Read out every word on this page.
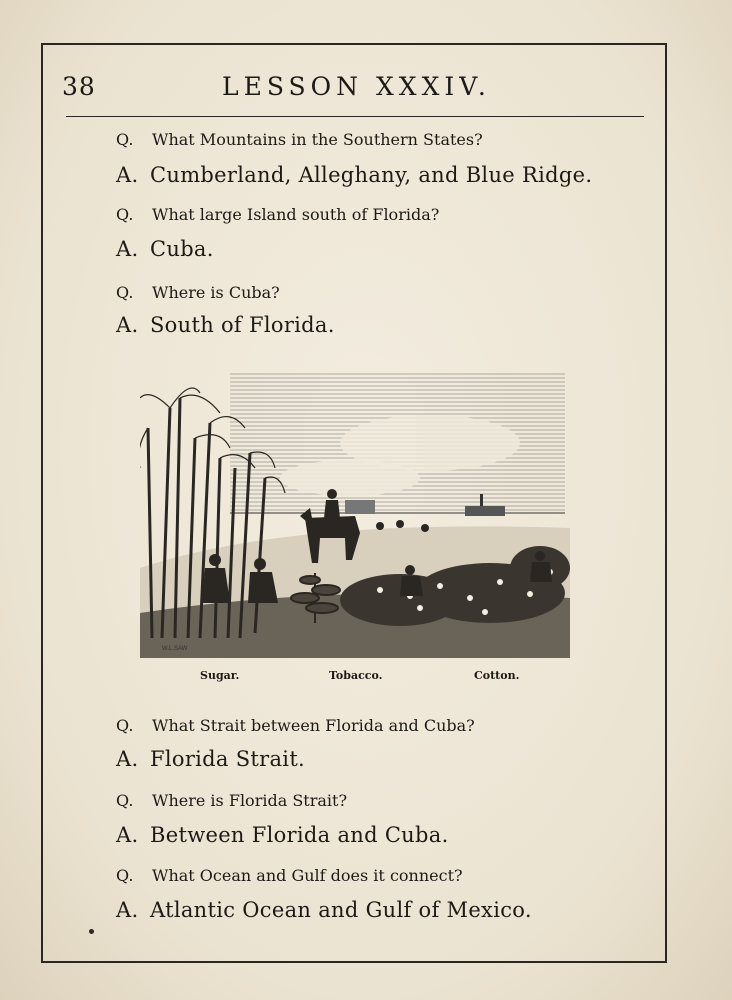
38	LESSON XXXIV.
Q. What Mountains in the Southern States?
A. Cumberland, Alleghany, and Blue Ridge.
Q. What large Island south of Florida?
A. Cuba.
Q. Where is Cuba?
A. South of Florida.
W.L.SAW
Sugar.	Tobacco.	Cotton.
Q. What Strait between Florida and Cuba?
A. Florida Strait.
Q. Where is Florida Strait?
A. Between Florida and Cuba.
Q. What Ocean and Gulf does it connect?
A. Atlantic Ocean and Gulf of Mexico.
